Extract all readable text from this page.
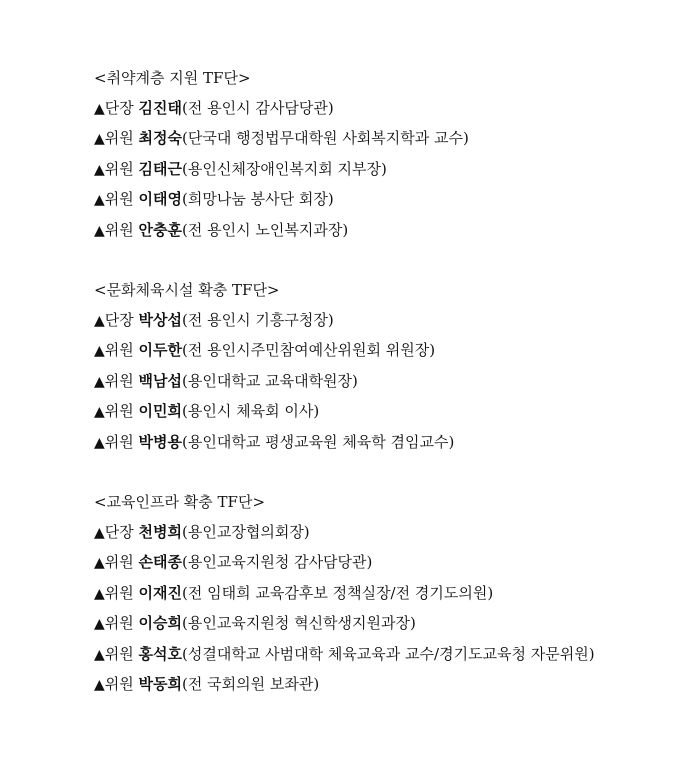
<취약계층 지원 TF단>
▲단장 김진태(전 용인시 감사담당관)
▲위원 최정숙(단국대 행정법무대학원 사회복지학과 교수)
▲위원 김태근(용인신체장애인복지회 지부장)
▲위원 이태영(희망나눔 봉사단 회장)
▲위원 안충훈(전 용인시 노인복지과장)
<문화체육시설 확충 TF단>
▲단장 박상섭(전 용인시 기흥구청장)
▲위원 이두한(전 용인시주민참여예산위원회 위원장)
▲위원 백남섭(용인대학교 교육대학원장)
▲위원 이민희(용인시 체육회 이사)
▲위원 박병용(용인대학교 평생교육원 체육학 겸임교수)
<교육인프라 확충 TF단>
▲단장 천병희(용인교장협의회장)
▲위원 손태종(용인교육지원청 감사담당관)
▲위원 이재진(전 임태희 교육감후보 정책실장/전 경기도의원)
▲위원 이승희(용인교육지원청 혁신학생지원과장)
▲위원 홍석호(성결대학교 사범대학 체육교육과 교수/경기도교육청 자문위원)
▲위원 박동희(전 국회의원 보좌관)
